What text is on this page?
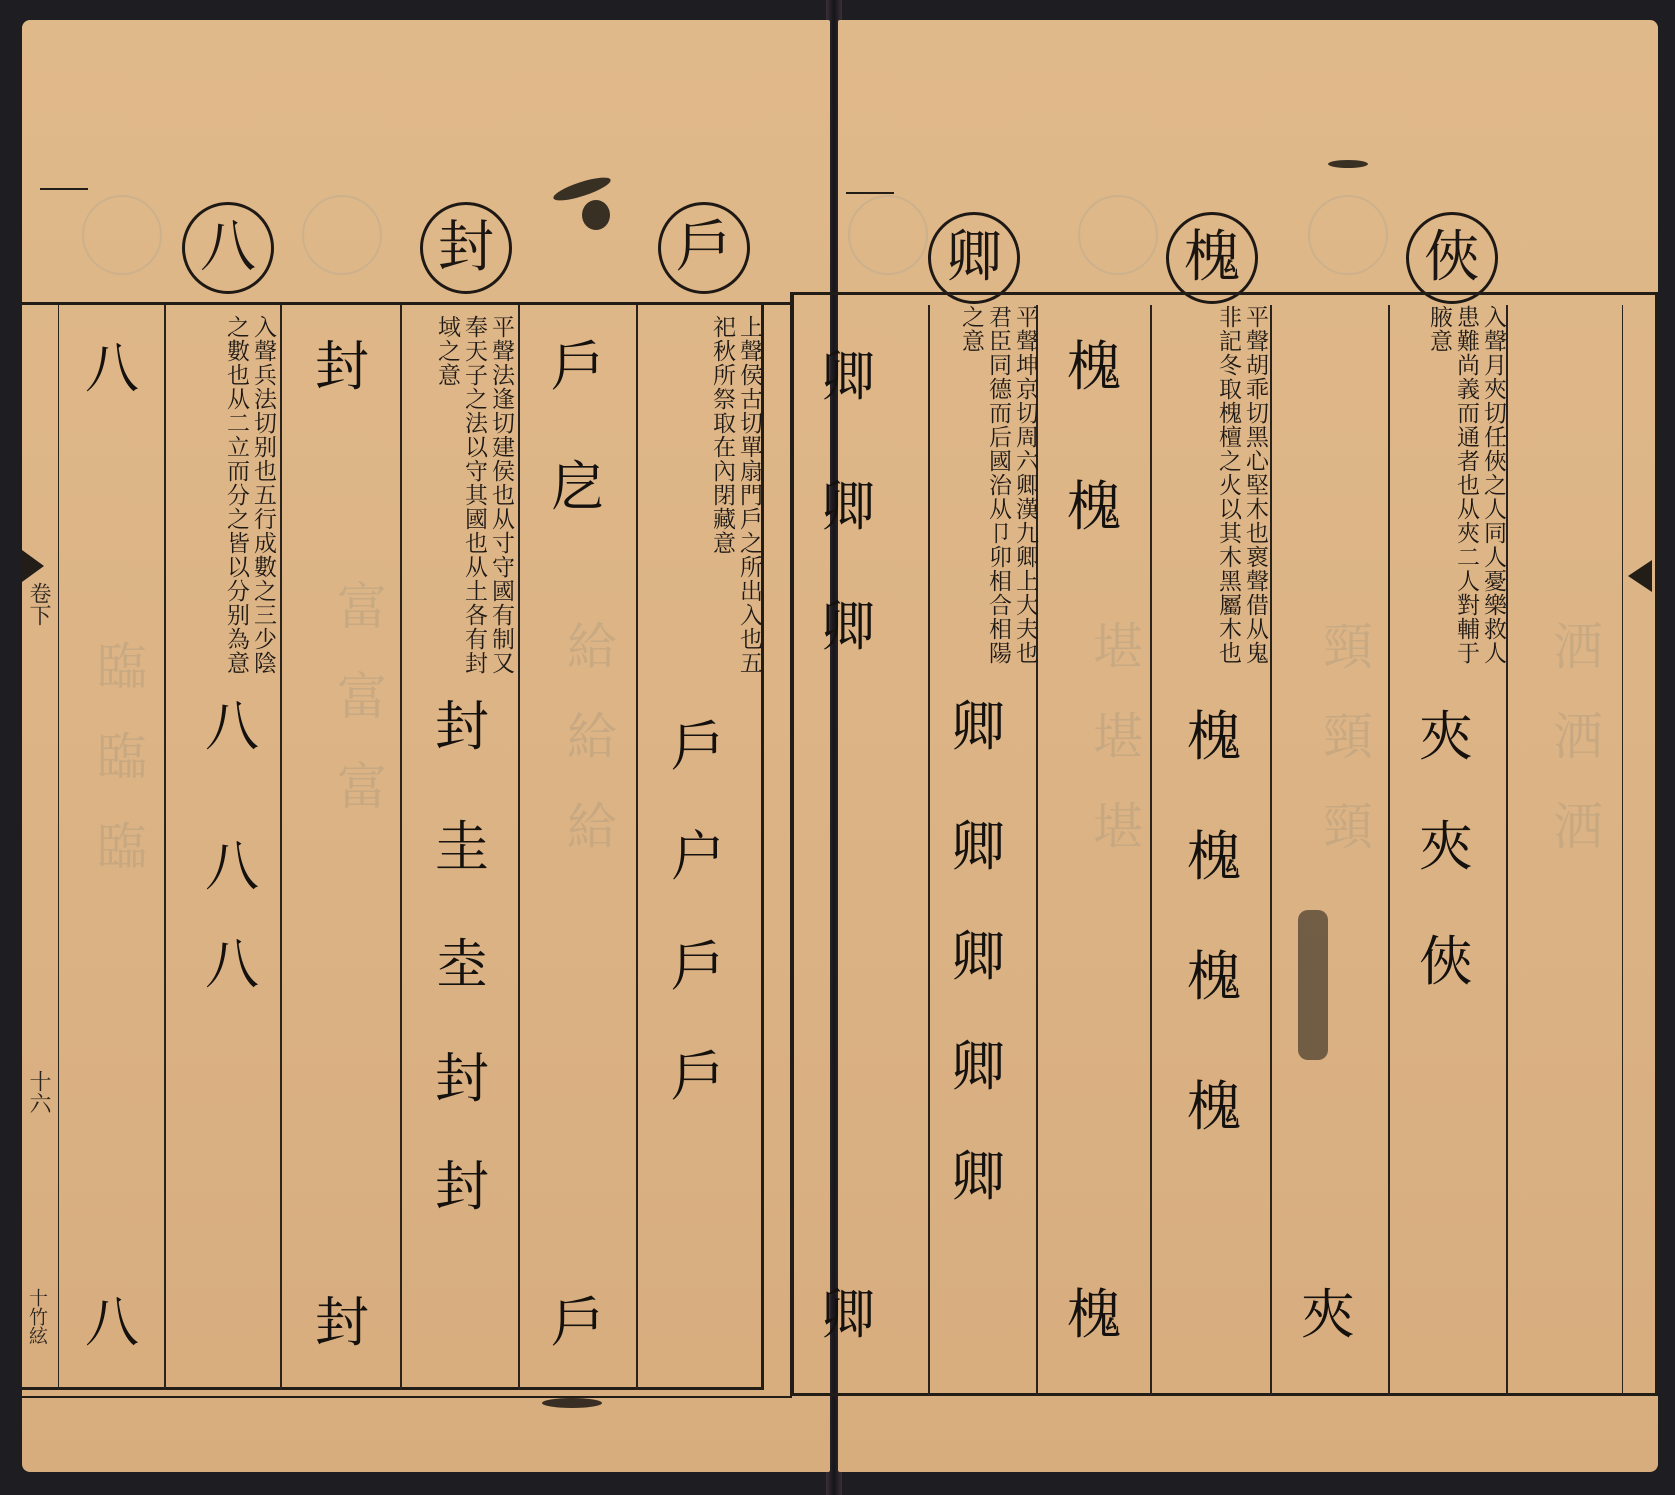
臨臨臨	富富富	給給給
八	封	戶
卷下
十六
十竹絃
入聲兵法切别也五行成數之三少陰之數也从二立而分之皆以分别為意
八
八
八
八
八
平聲法逢切建侯也从寸守國有制又奉天子之法以守其國也从土各有封域之意
封
封
圭
坴
封
封
封
上聲侯古切單扇門戶之所出入也五祀秋所祭取在內閉藏意
戶
戹
戶
户
戶
戶
戶
堪堪堪	頸頸頸	洒洒洒
卿	槐	俠
平聲坤京切周六卿漢九卿上大夫也君臣同德而后國治从卩卯相合相陽之意
卿
卿
卿
卿
卿
卿
卿
卿
卿
平聲胡乖切黑心堅木也褱聲借从鬼非記冬取槐檀之火以其木黑屬木也
槐
槐
槐
槐
槐
槐
槐
入聲月夾切任俠之人同人憂樂救人患難尚義而通者也从夾二人對輔于腋意
夾
夾
俠
夾
